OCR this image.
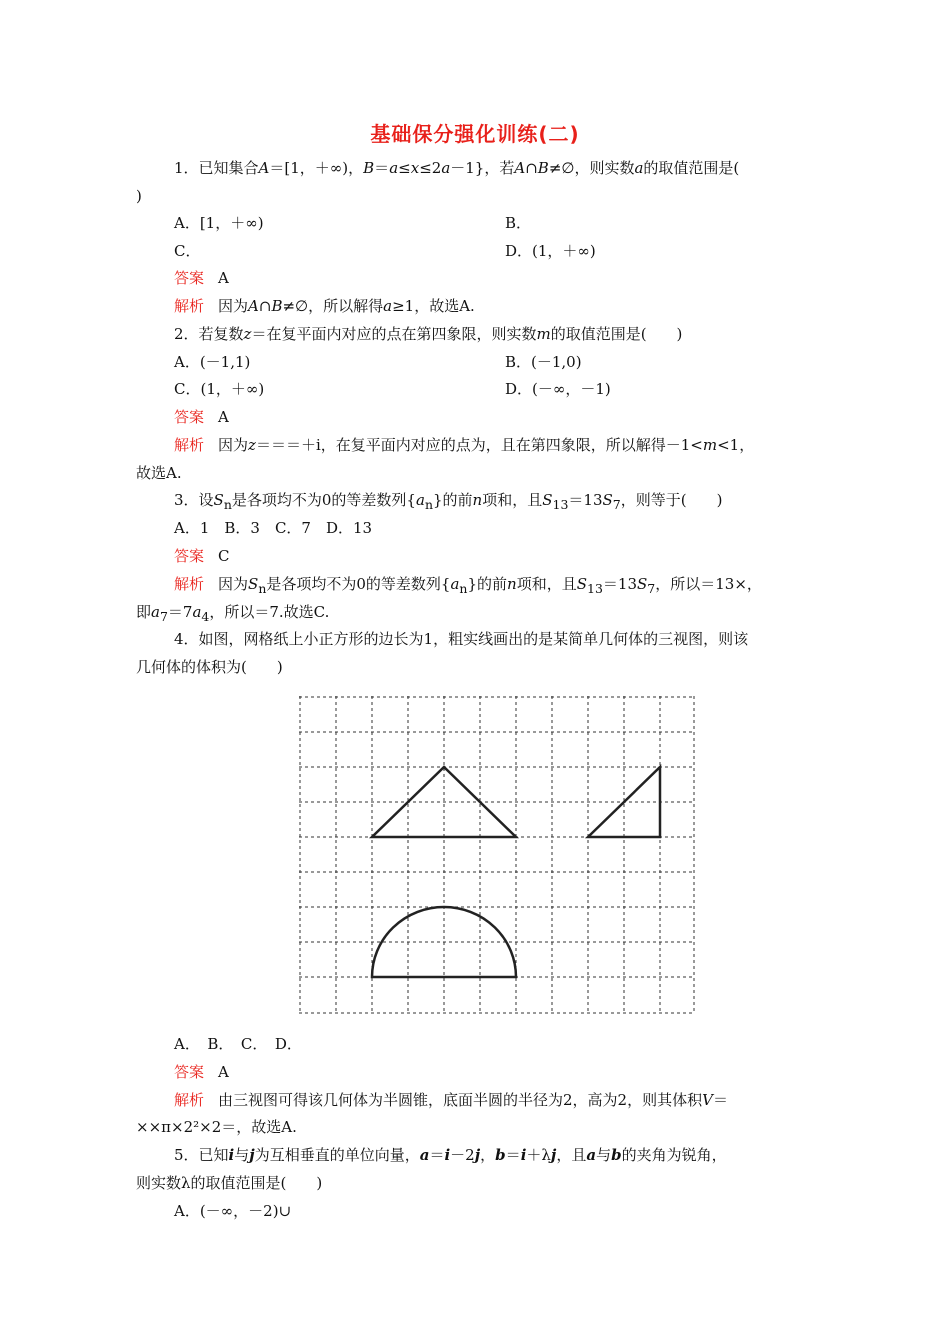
基础保分强化训练(二)
1．已知集合A＝[1，＋∞)，B＝a≤x≤2a－1}，若A∩B≠∅，则实数a的取值范围是(
)
A．[1，＋∞)	B．
C．	D．(1，＋∞)
答案 A
解析 因为A∩B≠∅，所以解得a≥1，故选A.
2．若复数z＝在复平面内对应的点在第四象限，则实数m的取值范围是(　　)
A．(－1,1)	B．(－1,0)
C．(1，＋∞)	D．(－∞，－1)
答案 A
解析 因为z＝＝＝＋i，在复平面内对应的点为，且在第四象限，所以解得－1<m<1，
故选A.
3．设$S_n$是各项均不为0的等差数列$\{a_n\}$的前n项和，且$S_{13}=13S_7$，则等于(　　)
A．1　B．3　C．7　D．13
答案 C
解析 因为$S_n$是各项均不为0的等差数列$\{a_n\}$的前n项和，且$S_{13}=13S_7$，所以＝13×，
即$a_7=7a_4$，所以＝7.故选C.
4．如图，网格纸上小正方形的边长为1，粗实线画出的是某简单几何体的三视图，则该
几何体的体积为(　　)
A．　B．　C．　D．
答案 A
解析 由三视图可得该几何体为半圆锥，底面半圆的半径为2，高为2，则其体积V＝
××π×2²×2＝，故选A.
5．已知i与j为互相垂直的单位向量，a＝i－2j，b＝i＋λj，且a与b的夹角为锐角，
则实数λ的取值范围是(　　)
A．(－∞，－2)∪
